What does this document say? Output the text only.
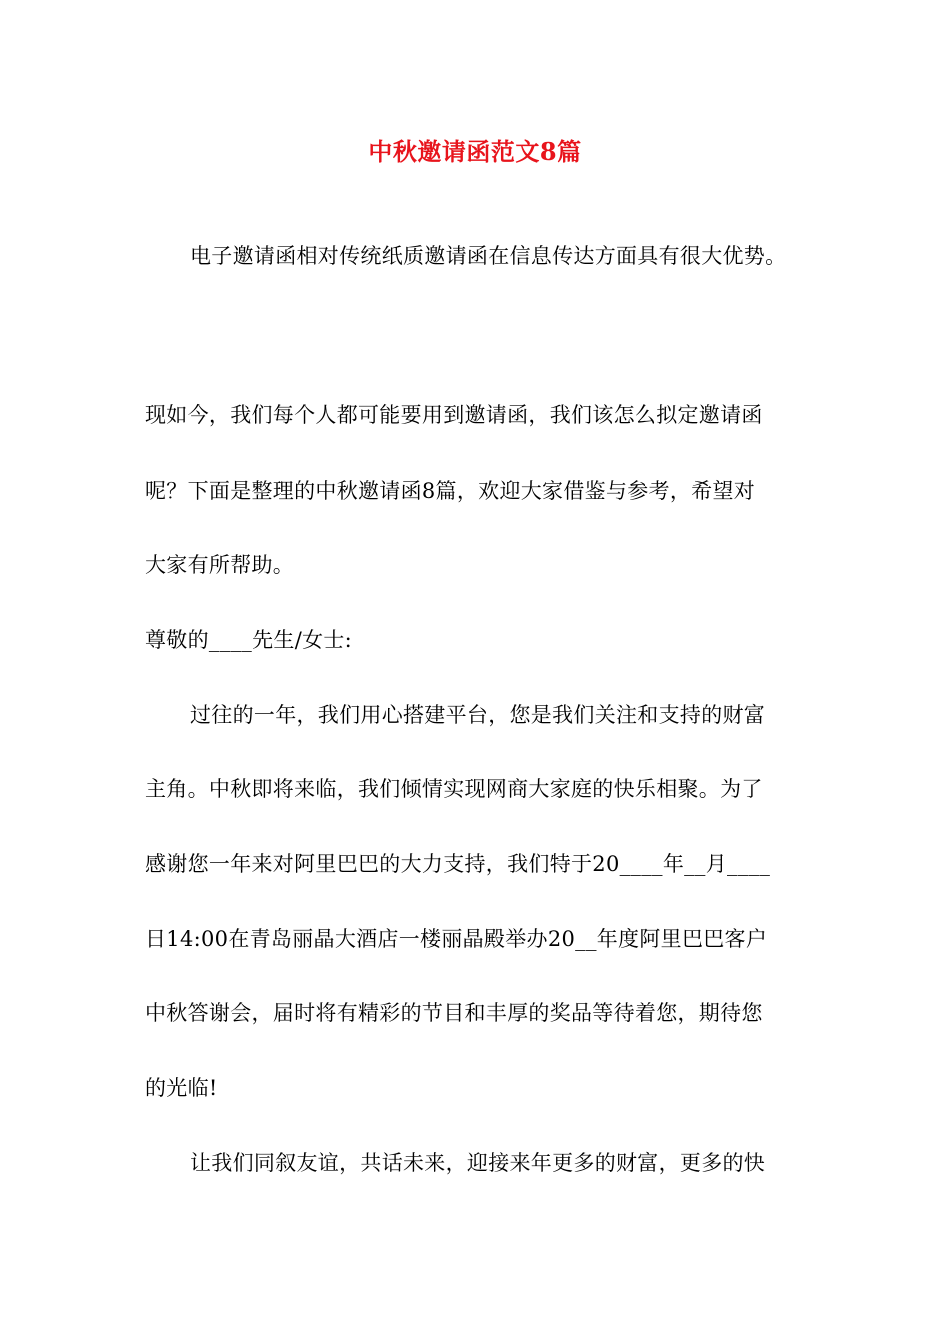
中秋邀请函范文8篇
电子邀请函相对传统纸质邀请函在信息传达方面具有很大优势。
现如今，我们每个人都可能要用到邀请函，我们该怎么拟定邀请函
呢？下面是整理的中秋邀请函8篇，欢迎大家借鉴与参考，希望对
大家有所帮助。
尊敬的____先生/女士:
过往的一年，我们用心搭建平台，您是我们关注和支持的财富
主角。中秋即将来临，我们倾情实现网商大家庭的快乐相聚。为了
感谢您一年来对阿里巴巴的大力支持，我们特于20____年__月____
日14:00在青岛丽晶大酒店一楼丽晶殿举办20__年度阿里巴巴客户
中秋答谢会，届时将有精彩的节目和丰厚的奖品等待着您，期待您
的光临!
让我们同叙友谊，共话未来，迎接来年更多的财富，更多的快
